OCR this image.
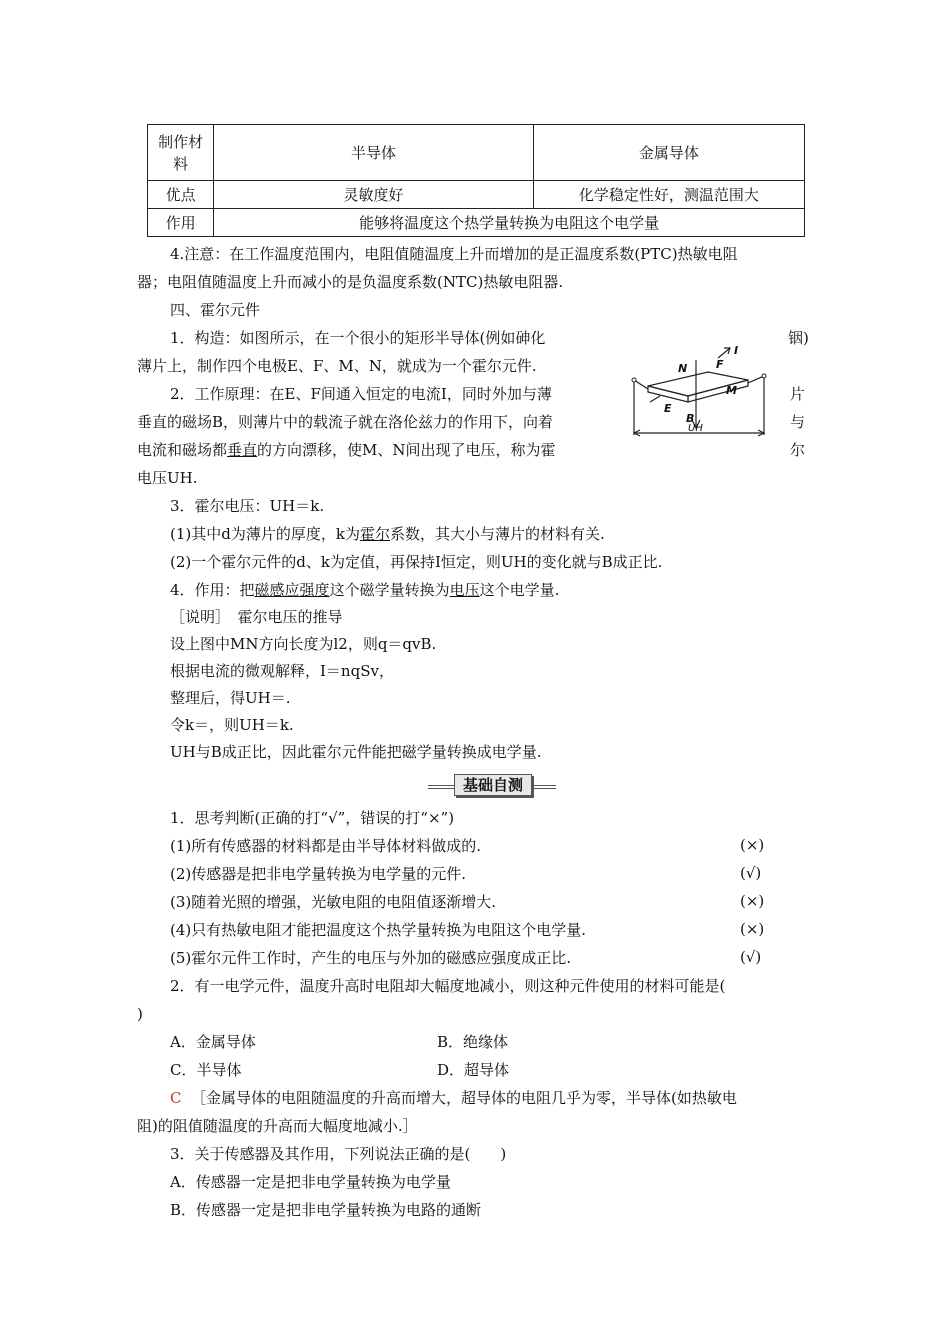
制作材料	半导体	金属导体
优点	灵敏度好	化学稳定性好，测温范围大
作用	能够将温度这个热学量转换为电阻这个电学量	
4.注意：在工作温度范围内，电阻值随温度上升而增加的是正温度系数(PTC)热敏电阻
器；电阻值随温度上升而减小的是负温度系数(NTC)热敏电阻器.
四、霍尔元件
1．构造：如图所示，在一个很小的矩形半导体(例如砷化	铟)
薄片上，制作四个电极E、F、M、N，就成为一个霍尔元件.
2．工作原理：在E、F间通入恒定的电流I，同时外加与薄	片
垂直的磁场B，则薄片中的载流子就在洛伦兹力的作用下，向着	与
电流和磁场都垂直的方向漂移，使M、N间出现了电压，称为霍	尔
电压UH.
N	F
I
M
E
B
UH
3．霍尔电压：UH＝k.
(1)其中d为薄片的厚度，k为霍尔系数，其大小与薄片的材料有关.
(2)一个霍尔元件的d、k为定值，再保持I恒定，则UH的变化就与B成正比.
4．作用：把磁感应强度这个磁学量转换为电压这个电学量.
［说明］　霍尔电压的推导
设上图中MN方向长度为l2，则q＝qvB.
根据电流的微观解释，I＝nqSv，
整理后，得UH＝.
令k＝，则UH＝k.
UH与B成正比，因此霍尔元件能把磁学量转换成电学量.
基础自测
1．思考判断(正确的打“√”，错误的打“×”)
(1)所有传感器的材料都是由半导体材料做成的.	(×)
(2)传感器是把非电学量转换为电学量的元件.	(√)
(3)随着光照的增强，光敏电阻的电阻值逐渐增大.	(×)
(4)只有热敏电阻才能把温度这个热学量转换为电阻这个电学量.	(×)
(5)霍尔元件工作时，产生的电压与外加的磁感应强度成正比.	(√)
2．有一电学元件，温度升高时电阻却大幅度地减小，则这种元件使用的材料可能是(
)
A．金属导体	B．绝缘体
C．半导体	D．超导体
C ［金属导体的电阻随温度的升高而增大，超导体的电阻几乎为零，半导体(如热敏电
阻)的阻值随温度的升高而大幅度地减小.］
3．关于传感器及其作用，下列说法正确的是(　　)
A．传感器一定是把非电学量转换为电学量
B．传感器一定是把非电学量转换为电路的通断
